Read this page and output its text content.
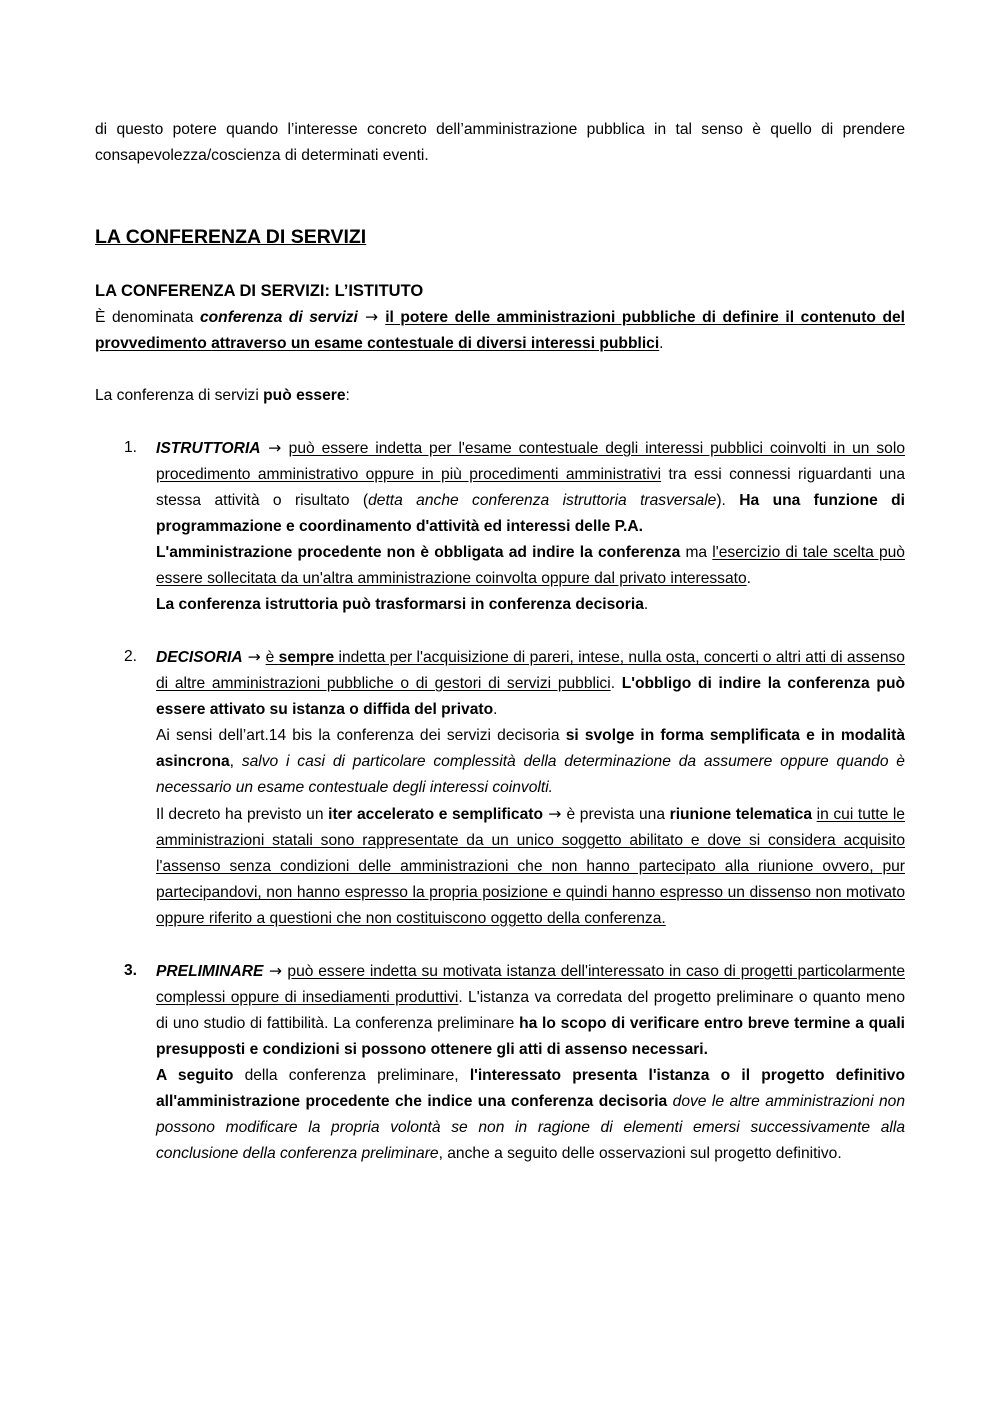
di questo potere quando l’interesse concreto dell’amministrazione pubblica in tal senso è quello di prendere consapevolezza/coscienza di determinati eventi.

LA CONFERENZA DI SERVIZI
LA CONFERENZA DI SERVIZI: L’ISTITUTO

È denominata conferenza di servizi → il potere delle amministrazioni pubbliche di definire il contenuto del provvedimento attraverso un esame contestuale di diversi interessi pubblici.

La conferenza di servizi può essere:

1. ISTRUTTORIA → può essere indetta per l'esame contestuale degli interessi pubblici coinvolti in un solo procedimento amministrativo oppure in più procedimenti amministrativi tra essi connessi riguardanti una stessa attività o risultato (detta anche conferenza istruttoria trasversale). Ha una funzione di programmazione e coordinamento d'attività ed interessi delle P.A.

L'amministrazione procedente non è obbligata ad indire la conferenza ma l'esercizio di tale scelta può essere sollecitata da un'altra amministrazione coinvolta oppure dal privato interessato.

La conferenza istruttoria può trasformarsi in conferenza decisoria.

2. DECISORIA → è sempre indetta per l'acquisizione di pareri, intese, nulla osta, concerti o altri atti di assenso di altre amministrazioni pubbliche o di gestori di servizi pubblici. L'obbligo di indire la conferenza può essere attivato su istanza o diffida del privato.

Ai sensi dell’art.14 bis la conferenza dei servizi decisoria si svolge in forma semplificata e in modalità asincrona, salvo i casi di particolare complessità della determinazione da assumere oppure quando è necessario un esame contestuale degli interessi coinvolti.

Il decreto ha previsto un iter accelerato e semplificato → è prevista una riunione telematica in cui tutte le amministrazioni statali sono rappresentate da un unico soggetto abilitato e dove si considera acquisito l'assenso senza condizioni delle amministrazioni che non hanno partecipato alla riunione ovvero, pur partecipandovi, non hanno espresso la propria posizione e quindi hanno espresso un dissenso non motivato oppure riferito a questioni che non costituiscono oggetto della conferenza.

3. PRELIMINARE → può essere indetta su motivata istanza dell'interessato in caso di progetti particolarmente complessi oppure di insediamenti produttivi. L'istanza va corredata del progetto preliminare o quanto meno di uno studio di fattibilità. La conferenza preliminare ha lo scopo di verificare entro breve termine a quali presupposti e condizioni si possono ottenere gli atti di assenso necessari.

A seguito della conferenza preliminare, l'interessato presenta l'istanza o il progetto definitivo all'amministrazione procedente che indice una conferenza decisoria dove le altre amministrazioni non possono modificare la propria volontà se non in ragione di elementi emersi successivamente alla conclusione della conferenza preliminare, anche a seguito delle osservazioni sul progetto definitivo.
